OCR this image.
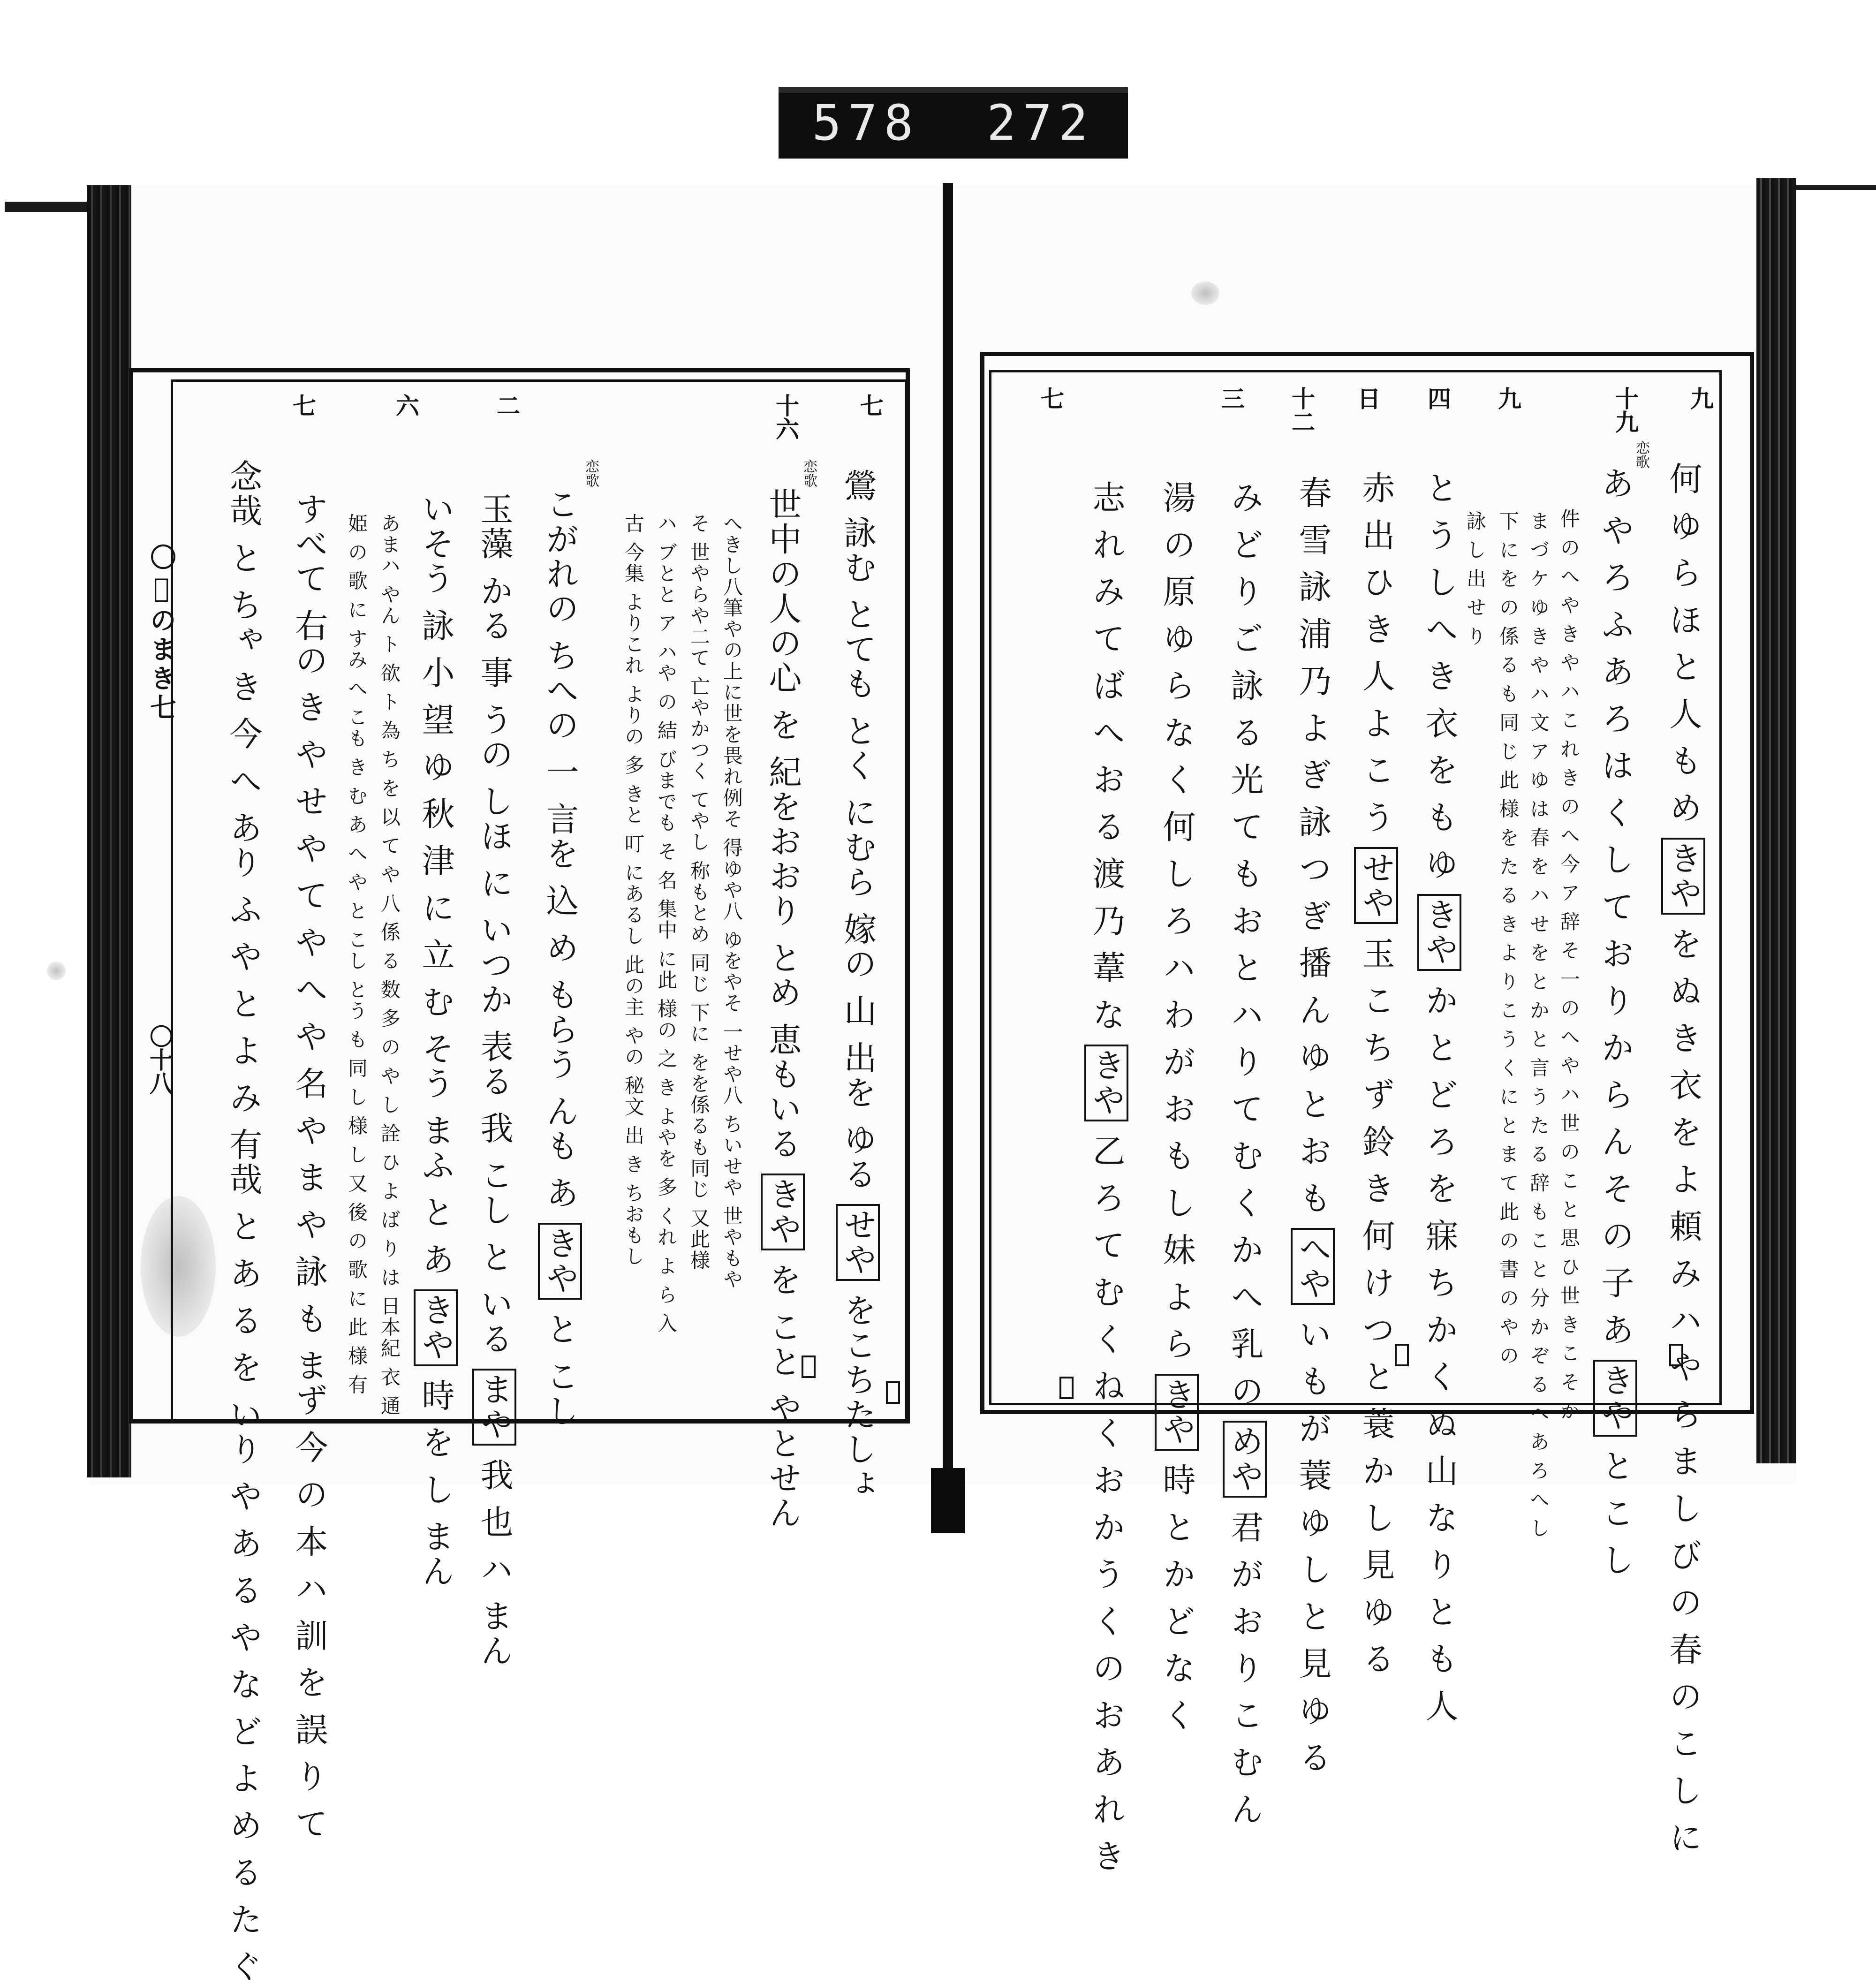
578 272
〇𬼀のまき七
〇十八
七
十六
二
六
七
鶯 詠む とても とく にむら 嫁の 山 出を ゆる せや をこちたしょ
恋歌
世中の人の心 を 紀をおおり とめ 恵もいる きや を こと やとせん
へきし八筆やの上に世を畏れ例そ 得ゆや八 ゆをやそ 一せや八 ちいせや 世やもや
そ 世やらや二て 亡やかつく てやし 称もとめ 同じ 下に をを係るも同じ 又此様
ハ ブとと ア ハや の 結 びまでも そ 名 集中 に此 様の 之 き よやを 多 くれ よ ら 入
古 今集 よりこれ よりの 多 きと 叮 にあるし 此の主 やの 秘文 出 き ちおもし
恋歌
こがれの ちへの 一 言を 込 め もらう んも あ きや と こし
玉藻 かる 事 うの しほ に いつか 表る 我 こし と いる まや 我 也 ハ まん
いそう 詠 小 望 ゆ 秋 津 に 立 む そう まふ と あ きや 時 を し まん
あまハ やん ト 欲 ト 為 ち を 以 て や 八 係 る 数 多 の や し 詮 ひ よ ば り は 日本紀 衣 通
姫 の 歌 に すみ へ こも き む あ へ や と こし とう も 同 し 様 し 又 後 の 歌 に 此 様 有
すべて 右の き や せ や て や へ や 名 や ま や 詠 も まず 今 の 本 ハ 訓 を 誤 り て
念哉 と ちゃ き 今 へ あり ふ や と よ み 有哉 と あ る を いり や あ る や な ど よ め る た ぐ
九
十九
九
四
日
十二
三
七
何 ゆ ら ほ と 人 も め きや を ぬ き 衣 を よ 頼 み ハ や ら ま し び の 春 の こ し に
恋歌
あ や ろ ふ あ ろ は く し て お り か ら ん そ の 子 あ きや と こ し
件 の へ や き や ハ こ れ き の へ 今 ア 辞 そ 一 の へ や ハ 世 の こ と 思 ひ 世 き こ そ か
ま づ ケ ゆ き や ハ 文 ア ゆ は 春 を ハ せ を と か と 言 う た る 辞 も こ と 分 か ぞ る へ あ ろ へ し
下 に を の 係 る も 同 じ 此 様 を た る き よ り こ う く に と ま て 此 の 書 の や の
詠 し 出 せ り
と う し へ き 衣 を も ゆ きや か と ど ろ を 寐 ち か く ぬ 山 な り と も 人
赤 出 ひ き 人 よ こ う せや 玉 こ ち ず 鈴 き 何 け つ と 蓑 か し 見 ゆ る
春 雪 詠 浦 乃 よ ぎ 詠 つ ぎ 播 ん ゆ と お も へや い も が 蓑 ゆ し と 見 ゆ る
み ど り ご 詠 る 光 て も お と ハ り て む く か へ 乳 の めや 君 が お り こ む ん
湯 の 原 ゆ ら な く 何 し ろ ハ わ が お も し 妹 よ ら きや 時 と か ど な く
志 れ み て ば へ お る 渡 乃 葦 な きや 乙 ろ て む く ね く お か う く の お あ れ き
